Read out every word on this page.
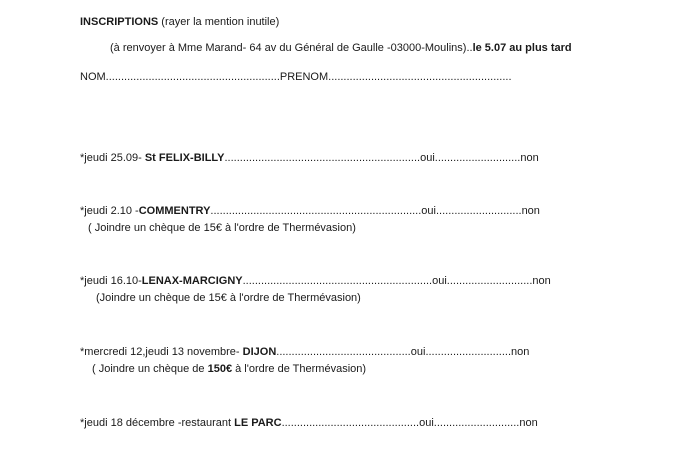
INSCRIPTIONS (rayer la mention inutile)
(à renvoyer à Mme Marand- 64 av du Général de Gaulle -03000-Moulins)..le 5.07 au plus tard
NOM.........................................................PRENOM............................................................
*jeudi 25.09- St FELIX-BILLY................................................................oui............................non
*jeudi 2.10 -COMMENTRY.....................................................................oui............................non
( Joindre un chèque de 15€ à l'ordre de Thermévasion)
*jeudi 16.10-LENAX-MARCIGNY..............................................................oui............................non
(Joindre un chèque de 15€ à l'ordre de Thermévasion)
*mercredi 12,jeudi 13 novembre- DIJON............................................oui............................non
( Joindre un chèque de 150€ à l'ordre de Thermévasion)
*jeudi 18 décembre -restaurant LE PARC.............................................oui............................non
